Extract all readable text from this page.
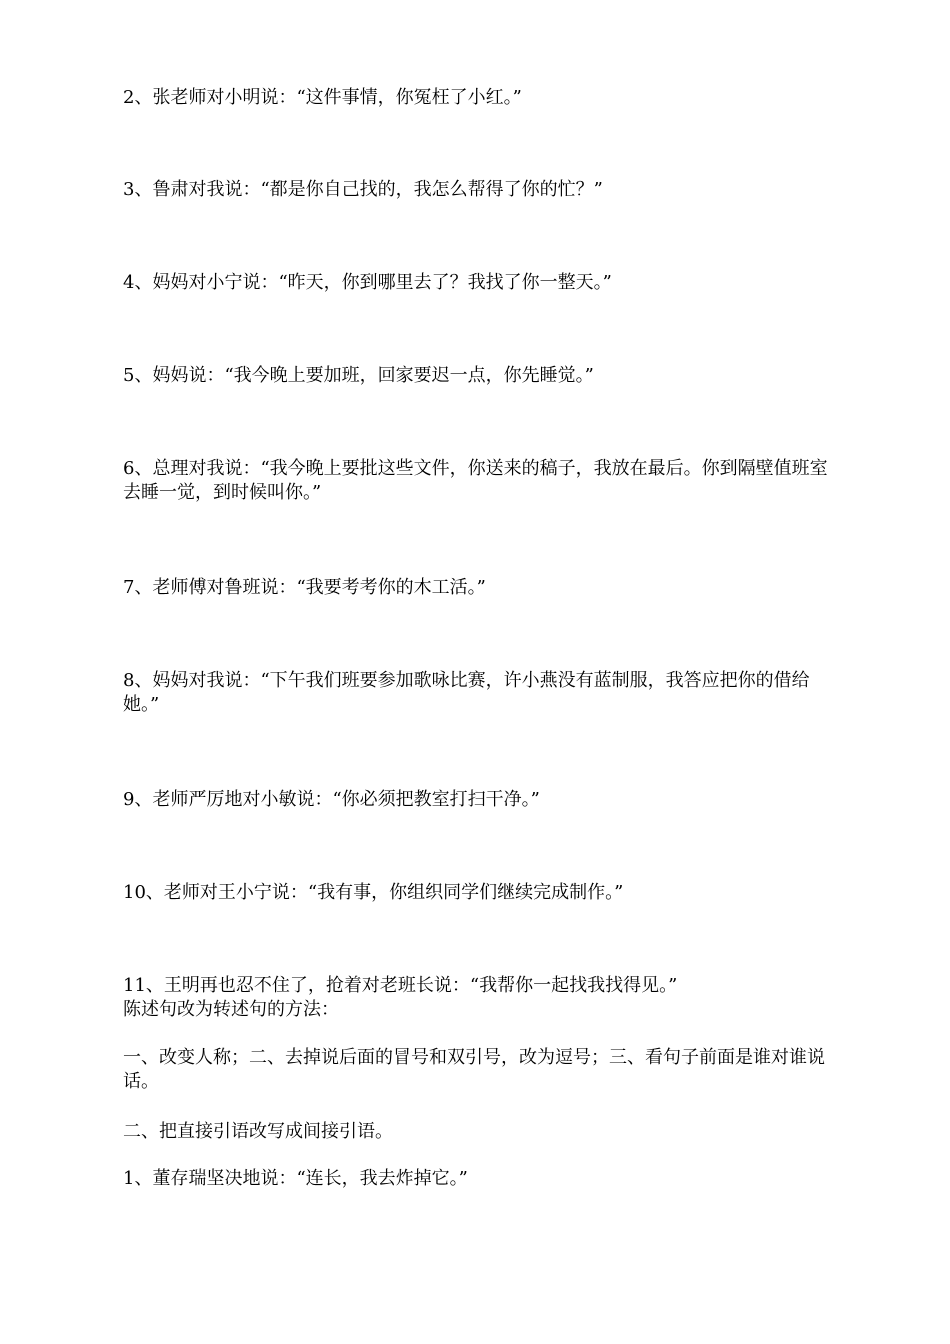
2、张老师对小明说：“这件事情，你冤枉了小红。”
3、鲁肃对我说：“都是你自己找的，我怎么帮得了你的忙？”
4、妈妈对小宁说：“昨天，你到哪里去了？我找了你一整天。”
5、妈妈说：“我今晚上要加班，回家要迟一点，你先睡觉。”
6、总理对我说：“我今晚上要批这些文件，你送来的稿子，我放在最后。你到隔壁值班室去睡一觉，到时候叫你。”
7、老师傅对鲁班说：“我要考考你的木工活。”
8、妈妈对我说：“下午我们班要参加歌咏比赛，许小燕没有蓝制服，我答应把你的借给她。”
9、老师严厉地对小敏说：“你必须把教室打扫干净。”
10、老师对王小宁说：“我有事，你组织同学们继续完成制作。”
11、王明再也忍不住了，抢着对老班长说：“我帮你一起找我找得见。”
陈述句改为转述句的方法：
一、改变人称；二、去掉说后面的冒号和双引号，改为逗号；三、看句子前面是谁对谁说话。
二、把直接引语改写成间接引语。
1、董存瑞坚决地说：“连长，我去炸掉它。”
